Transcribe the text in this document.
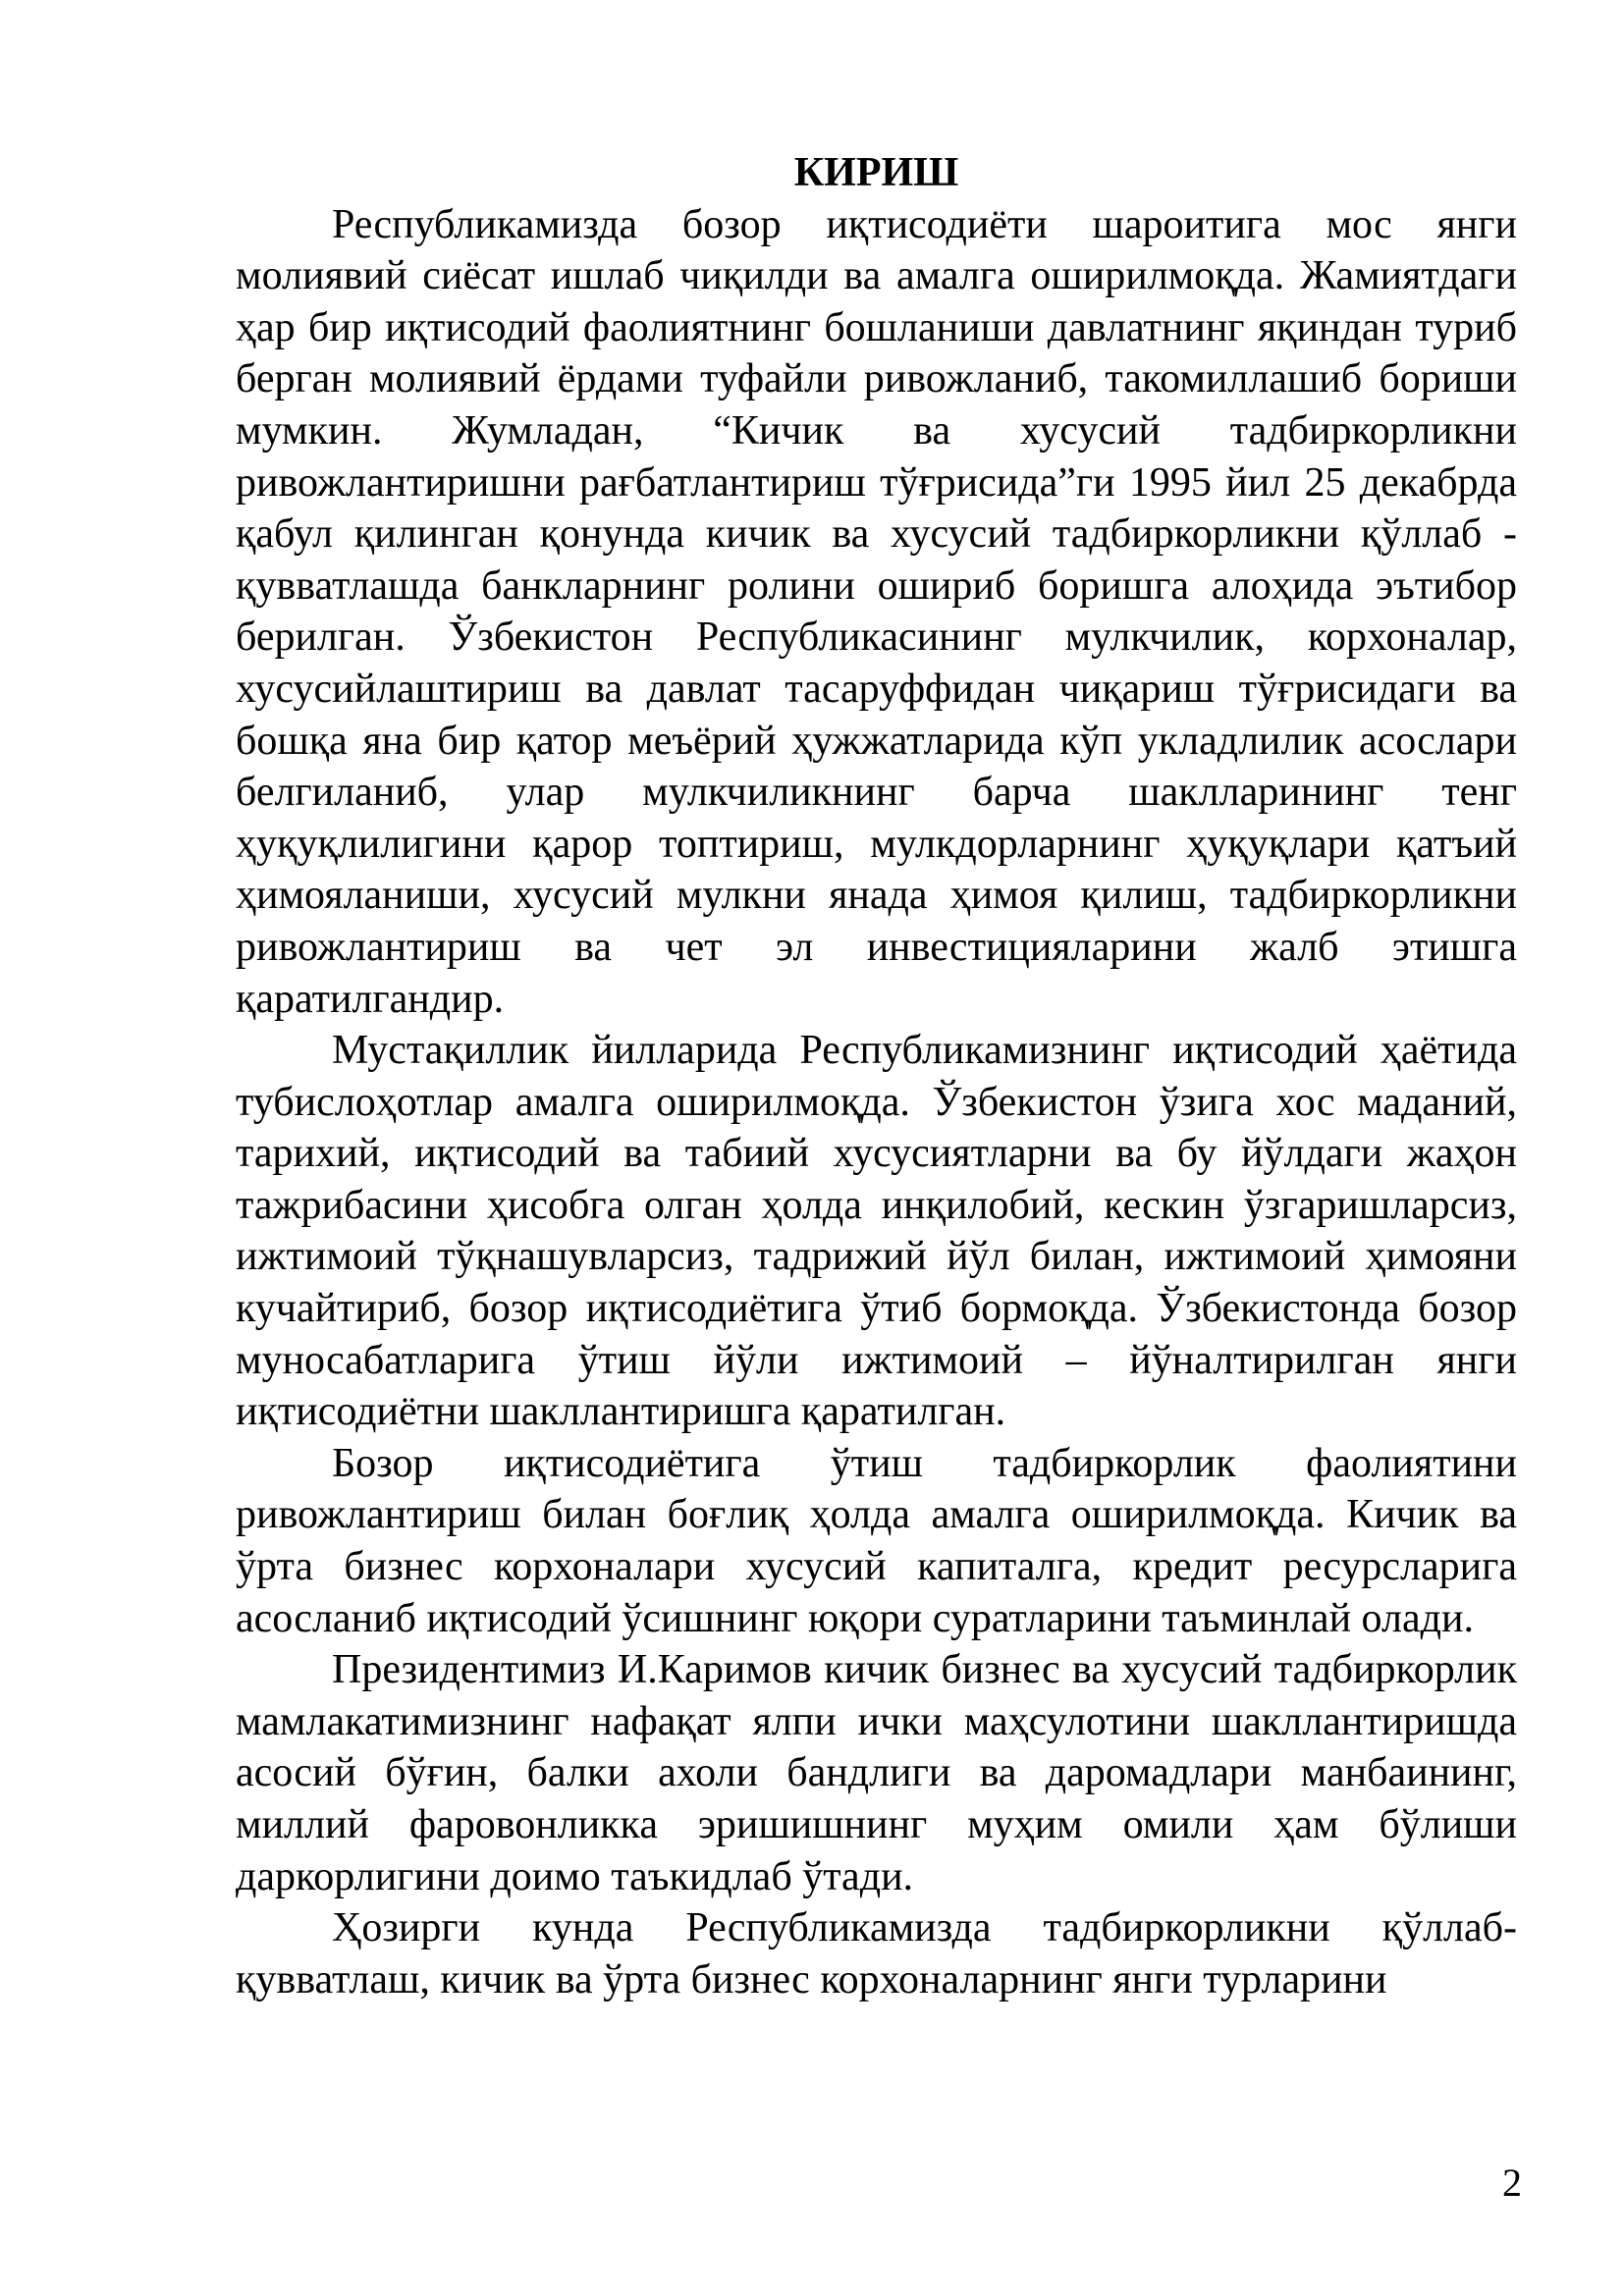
КИРИШ

Республикамизда бозор иқтисодиёти шароитига мос янги молиявий сиёсат ишлаб чиқилди ва амалга оширилмоқда. Жамиятдаги ҳар бир иқтисодий фаолиятнинг бошланиши давлатнинг яқиндан туриб берган молиявий ёрдами туфайли ривожланиб, такомиллашиб бориши мумкин. Жумладан, “Кичик ва хусусий тадбиркорликни ривожлантиришни рағбатлантириш тўғрисида”ги 1995 йил 25 декабрда қабул қилинган қонунда кичик ва хусусий тадбиркорликни қўллаб - қувватлашда банкларнинг ролини ошириб боришга алоҳида эътибор берилган. Ўзбекистон Республикасининг мулкчилик, корхоналар, хусусийлаштириш ва давлат тасаруффидан чиқариш тўғрисидаги ва бошқа яна бир қатор меъёрий ҳужжатларида кўп укладлилик асослари белгиланиб, улар мулкчиликнинг барча шаклларининг тенг ҳуқуқлилигини қарор топтириш, мулкдорларнинг ҳуқуқлари қатъий ҳимояланиши, хусусий мулкни янада ҳимоя қилиш, тадбиркорликни ривожлантириш ва чет эл инвестицияларини жалб этишга қаратилгандир.

Мустақиллик йилларида Республикамизнинг иқтисодий ҳаётида тубислоҳотлар амалга оширилмоқда. Ўзбекистон ўзига хос маданий, тарихий, иқтисодий ва табиий хусусиятларни ва бу йўлдаги жаҳон тажрибасини ҳисобга олган ҳолда инқилобий, кескин ўзгаришларсиз, ижтимоий тўқнашувларсиз, тадрижий йўл билан, ижтимоий ҳимояни кучайтириб, бозор иқтисодиётига ўтиб бормоқда. Ўзбекистонда бозор муносабатларига ўтиш йўли ижтимоий – йўналтирилган янги иқтисодиётни шакллантиришга қаратилган.

Бозор иқтисодиётига ўтиш тадбиркорлик фаолиятини ривожлантириш билан боғлиқ ҳолда амалга оширилмоқда. Кичик ва ўрта бизнес корхоналари хусусий капиталга, кредит ресурсларига асосланиб иқтисодий ўсишнинг юқори суратларини таъминлай олади.

Президентимиз И.Каримов кичик бизнес ва хусусий тадбиркорлик мамлакатимизнинг нафақат ялпи ички маҳсулотини шакллантиришда асосий бўғин, балки ахоли бандлиги ва даромадлари манбаининг, миллий фаровонликка эришишнинг муҳим омили ҳам бўлиши даркорлигини доимо таъкидлаб ўтади.

Ҳозирги кунда Республикамизда тадбиркорликни қўллаб-қувватлаш, кичик ва ўрта бизнес корхоналарнинг янги турларини

2
